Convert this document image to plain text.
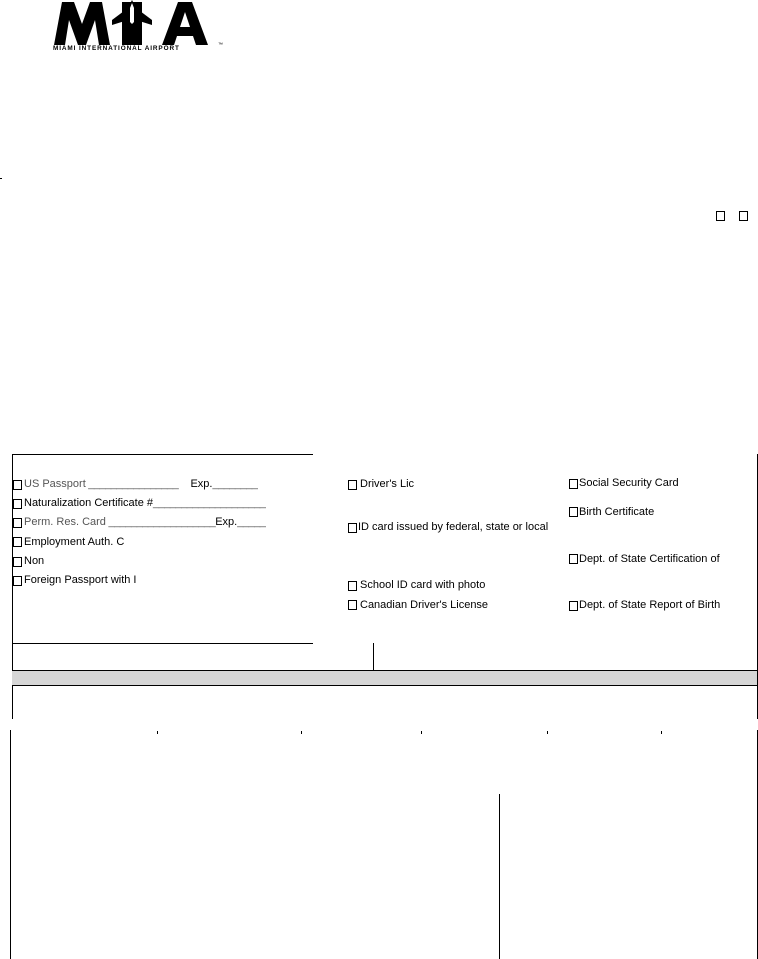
™
MIAMI INTERNATIONAL AIRPORT
US Passport ________________ Exp.________
Naturalization Certificate #____________________
Perm. Res. Card ___________________Exp._____
Employment Auth. C
Non
Foreign Passport with I
Driver's Lic
ID card issued by federal, state or local
School ID card with photo
Canadian Driver's License
Social Security Card
Birth Certificate
Dept. of State Certification of
Dept. of State Report of Birth
